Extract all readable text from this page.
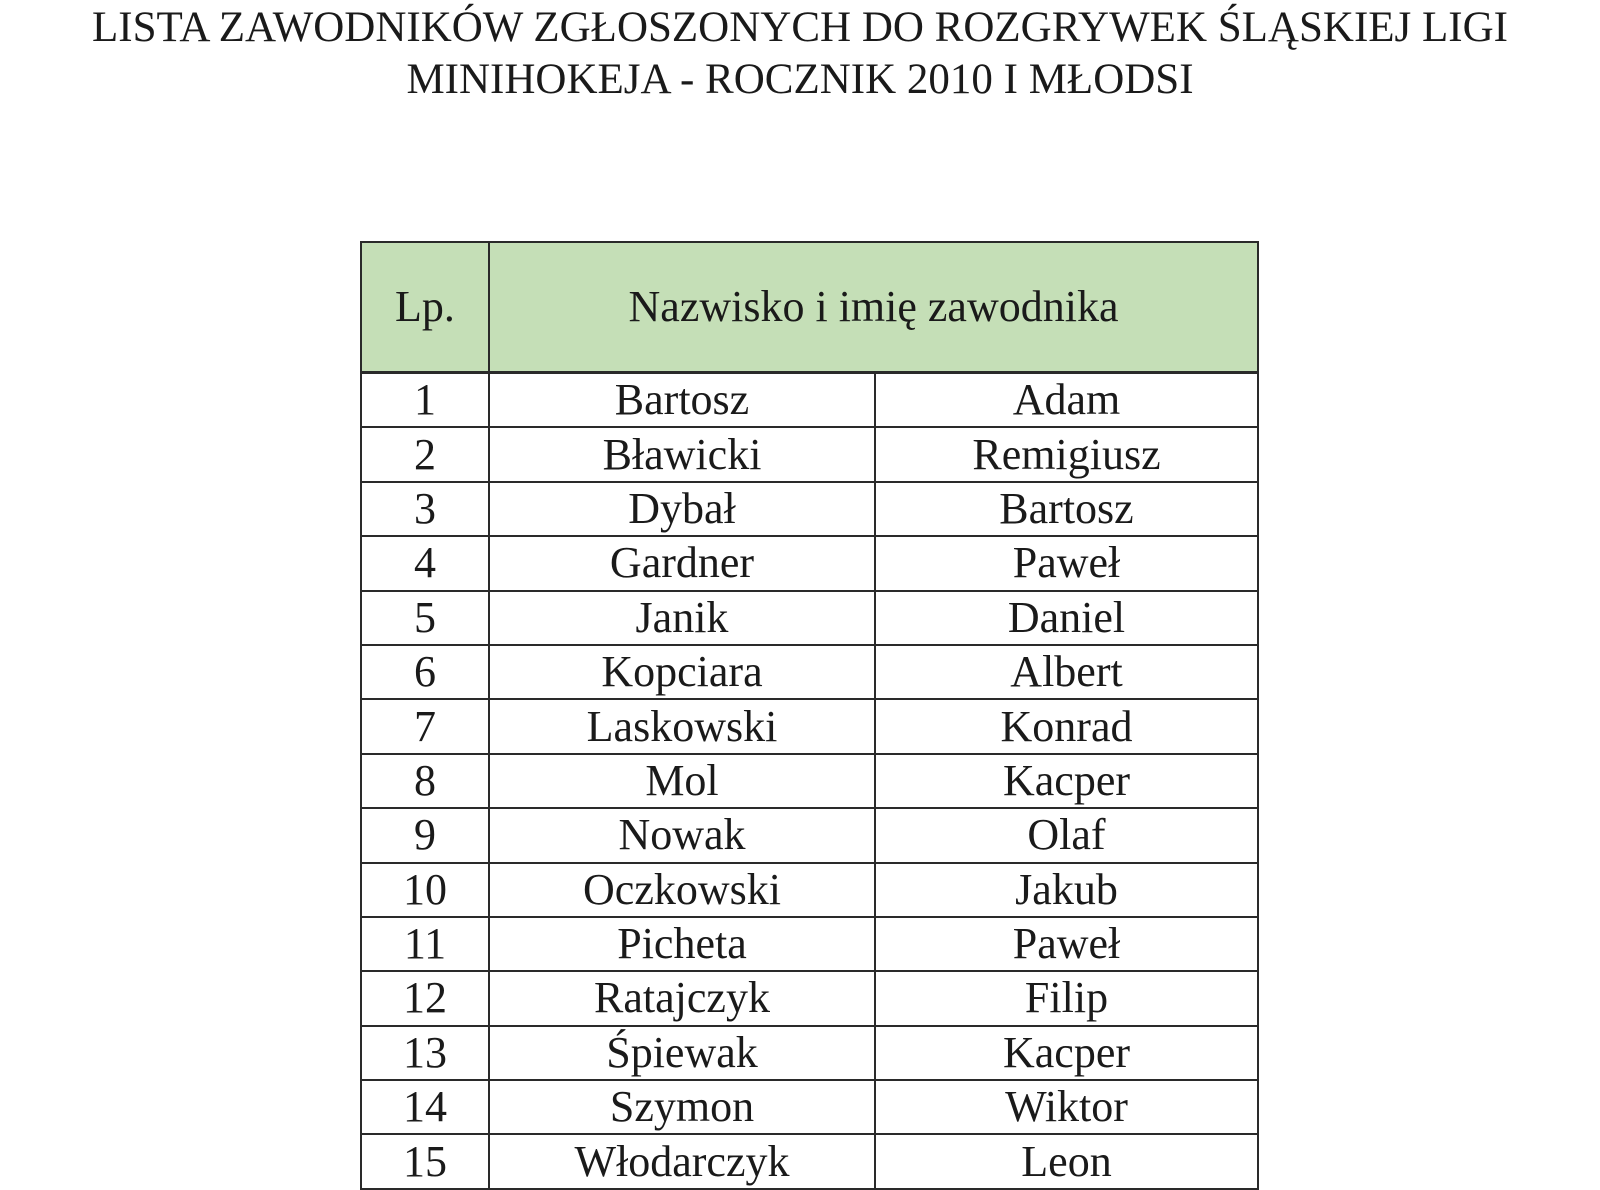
LISTA ZAWODNIKÓW ZGŁOSZONYCH DO ROZGRYWEK ŚLĄSKIEJ LIGI
MINIHOKEJA - ROCZNIK 2010 I MŁODSI
Lp.	Nazwisko i imię zawodnika	
1	Bartosz	Adam
2	Bławicki	Remigiusz
3	Dybał	Bartosz
4	Gardner	Paweł
5	Janik	Daniel
6	Kopciara	Albert
7	Laskowski	Konrad
8	Mol	Kacper
9	Nowak	Olaf
10	Oczkowski	Jakub
11	Picheta	Paweł
12	Ratajczyk	Filip
13	Śpiewak	Kacper
14	Szymon	Wiktor
15	Włodarczyk	Leon
